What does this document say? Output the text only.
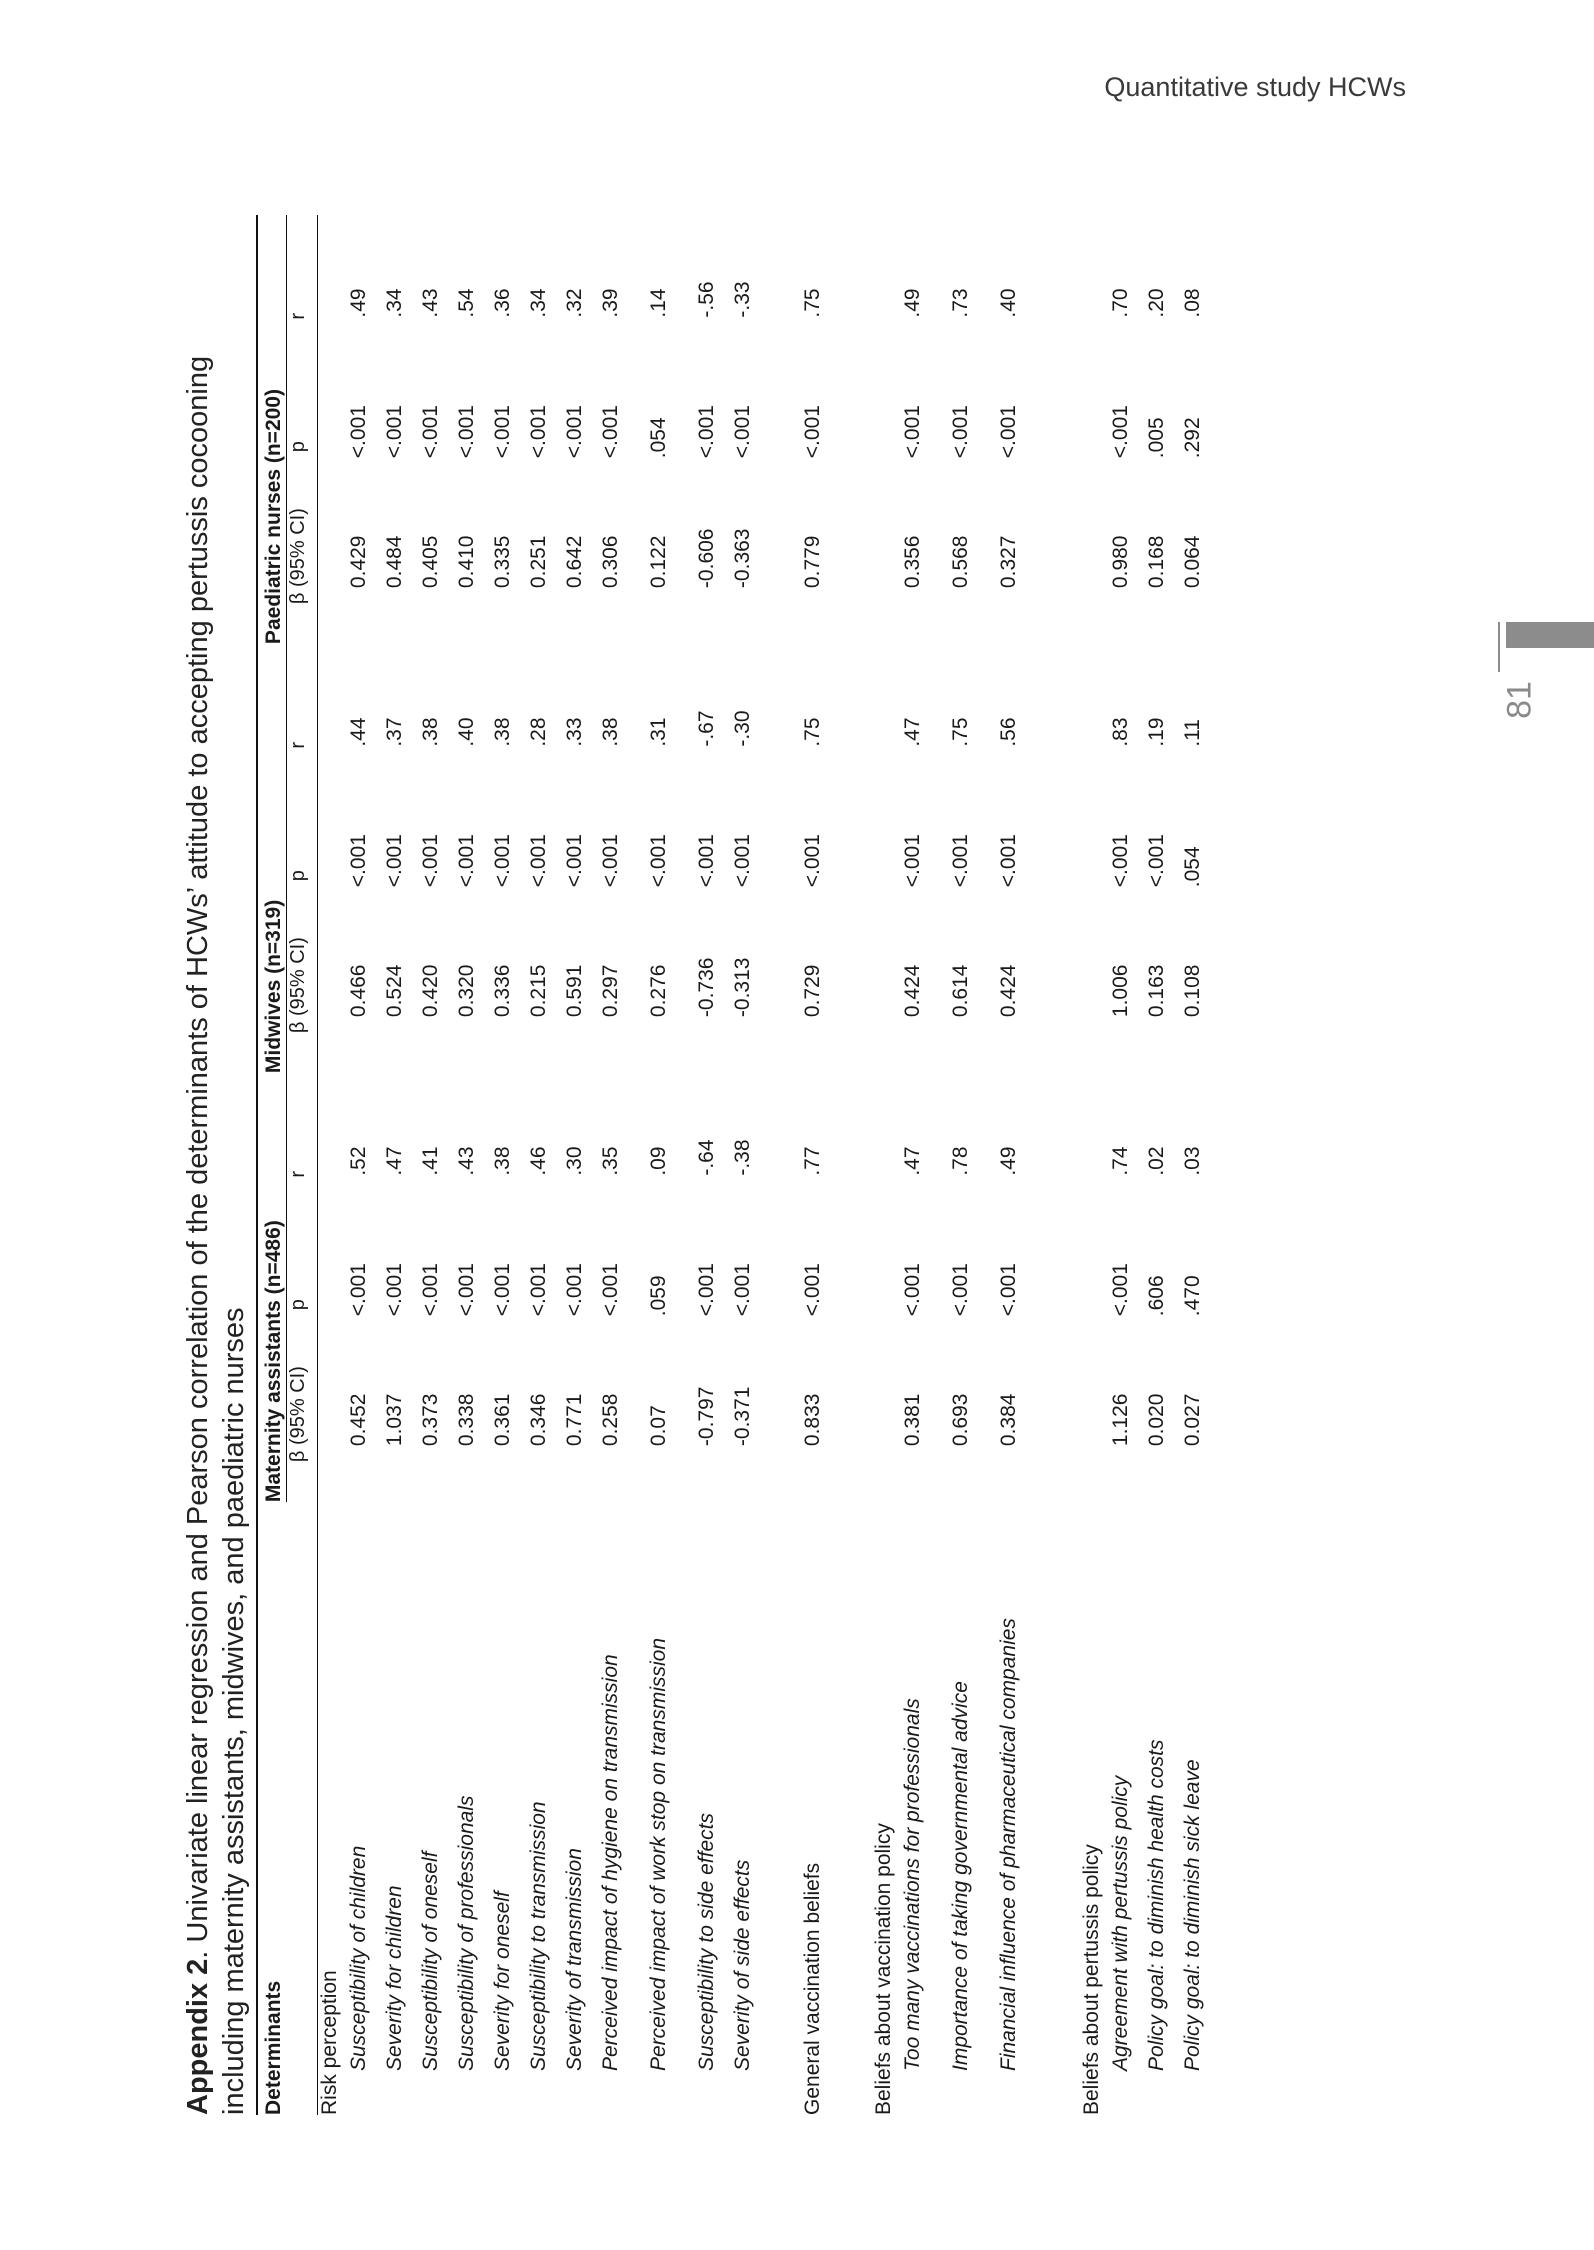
Quantitative study HCWs
81
Appendix 2. Univariate linear regression and Pearson correlation of the determinants of HCWs’ attitude to accepting pertussis cocooning including maternity assistants, midwives, and paediatric nurses Determinants	Maternity assistants (n=486)			Midwives (n=319)			Paediatric nurses (n=200)		
	β (95% CI)	p	r	β (95% CI)	p	r	β (95% CI)	p	r
Risk perception									
Susceptibility of children	0.452	<.001	.52	0.466	<.001	.44	0.429	<.001	.49
Severity for children	1.037	<.001	.47	0.524	<.001	.37	0.484	<.001	.34
Susceptibility of oneself	0.373	<.001	.41	0.420	<.001	.38	0.405	<.001	.43
Susceptibility of professionals	0.338	<.001	.43	0.320	<.001	.40	0.410	<.001	.54
Severity for oneself	0.361	<.001	.38	0.336	<.001	.38	0.335	<.001	.36
Susceptibility to transmission	0.346	<.001	.46	0.215	<.001	.28	0.251	<.001	.34
Severity of transmission	0.771	<.001	.30	0.591	<.001	.33	0.642	<.001	.32
Perceived impact of hygiene on transmission	0.258	<.001	.35	0.297	<.001	.38	0.306	<.001	.39
Perceived impact of work stop on transmission	0.07	.059	.09	0.276	<.001	.31	0.122	.054	.14
Susceptibility to side effects	-0.797	<.001	-.64	-0.736	<.001	-.67	-0.606	<.001	-.56
Severity of side effects	-0.371	<.001	-.38	-0.313	<.001	-.30	-0.363	<.001	-.33

General vaccination beliefs	0.833	<.001	.77	0.729	<.001	.75	0.779	<.001	.75

Beliefs about vaccination policy									
Too many vaccinations for professionals	0.381	<.001	.47	0.424	<.001	.47	0.356	<.001	.49
Importance of taking governmental advice	0.693	<.001	.78	0.614	<.001	.75	0.568	<.001	.73
Financial influence of pharmaceutical companies	0.384	<.001	.49	0.424	<.001	.56	0.327	<.001	.40

Beliefs about pertussis policy									
Agreement with pertussis policy	1.126	<.001	.74	1.006	<.001	.83	0.980	<.001	.70
Policy goal: to diminish health costs	0.020	.606	.02	0.163	<.001	.19	0.168	.005	.20
Policy goal: to diminish sick leave	0.027	.470	.03	0.108	.054	.11	0.064	.292	.08
